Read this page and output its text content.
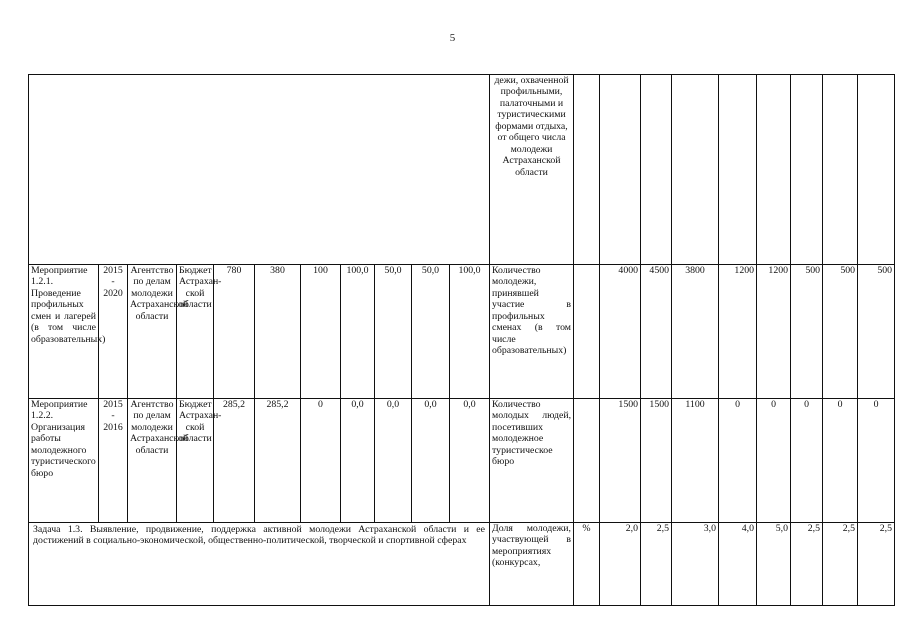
5
											дежи, охваченной профильными, палаточными и туристическими формами отдыха, от общего числа молодежи Астраханской области									
Мероприятие 1.2.1. Проведение профильных смен и лагерей (в том числе образовательных)	2015 - 2020	Агентство по делам молодежи Астраханской области	Бюджет Астрахан-ской области	780	380	100	100,0	50,0	50,0	100,0	Количество молодежи, принявшей участие в профильных сменах (в том числе образовательных)		4000	4500	3800	1200	1200	500	500	500
Мероприятие 1.2.2. Организация работы молодежного туристического бюро	2015 - 2016	Агентство по делам молодежи Астраханской области	Бюджет Астрахан-ской области	285,2	285,2	0	0,0	0,0	0,0	0,0	Количество молодых людей, посетивших молодежное туристическое бюро		1500	1500	1100	0	0	0	0	0
Задача 1.3. Выявление, продвижение, поддержка активной молодежи Астраханской области и ее достижений в социально-экономической, общественно-политической, творческой и спортивной сферах											Доля молодежи, участвующей в мероприятиях (конкурсах,	%	2,0	2,5	3,0	4,0	5,0	2,5	2,5	2,5
